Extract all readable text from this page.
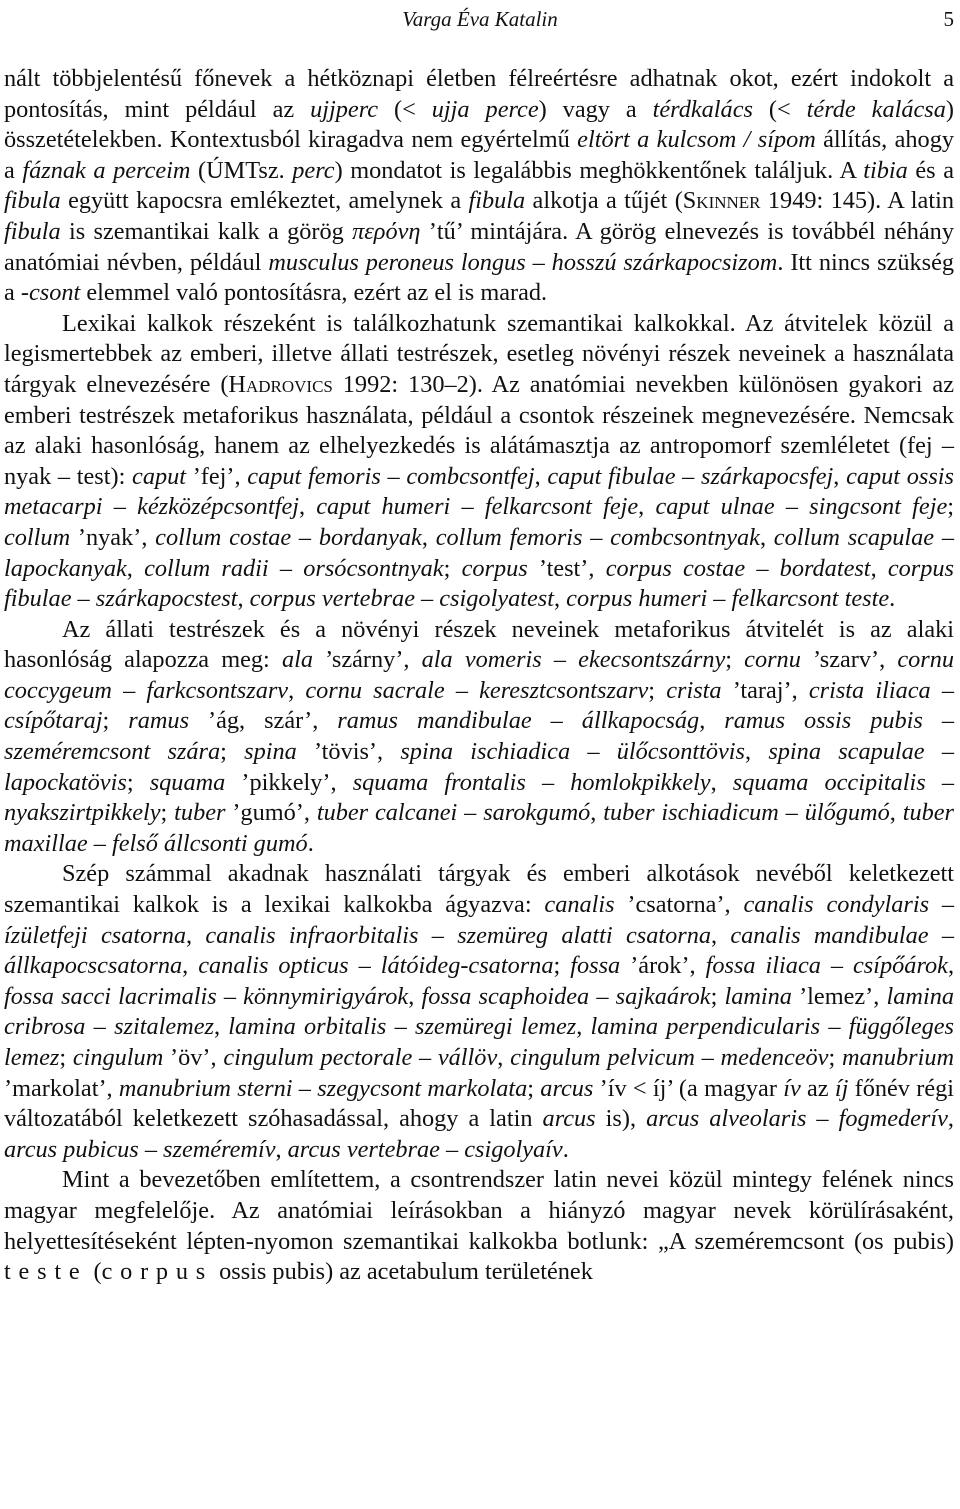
Varga Éva Katalin	5

nált többjelentésű főnevek a hétköznapi életben félreértésre adhatnak okot, ezért indokolt a pontosítás, mint például az ujjperc (< ujja perce) vagy a térdkalács (< térde kalácsa) összetételekben. Kontextusból kiragadva nem egyértelmű eltört a kulcsom / sípom állítás, ahogy a fáznak a perceim (ÚMTsz. perc) mondatot is legalábbis meghökkentőnek találjuk. A tibia és a fibula együtt kapocsra emlékeztet, amelynek a fibula alkotja a tűjét (Skinner 1949: 145). A latin fibula is szemantikai kalk a görög περόνη ’tű’ mintájára. A görög elnevezés is továbbél néhány anatómiai névben, például musculus peroneus longus – hosszú szárkapocsizom. Itt nincs szükség a -csont elemmel való pontosításra, ezért az el is marad.

Lexikai kalkok részeként is találkozhatunk szemantikai kalkokkal. Az átvitelek közül a legismertebbek az emberi, illetve állati testrészek, esetleg növényi részek neveinek a használata tárgyak elnevezésére (Hadrovics 1992: 130–2). Az anatómiai nevekben különösen gyakori az emberi testrészek metaforikus használata, például a csontok részeinek megnevezésére. Nemcsak az alaki hasonlóság, hanem az elhelyezkedés is alátámasztja az antropomorf szemléletet (fej – nyak – test): caput ’fej’, caput femoris – combcsontfej, caput fibulae – szárkapocsfej, caput ossis metacarpi – kézközépcsontfej, caput humeri – felkarcsont feje, caput ulnae – singcsont feje; collum ’nyak’, collum costae – bordanyak, collum femoris – combcsontnyak, collum scapulae – lapockanyak, collum radii – orsócsontnyak; corpus ’test’, corpus costae – bordatest, corpus fibulae – szárkapocstest, corpus vertebrae – csigolyatest, corpus humeri – felkarcsont teste.

Az állati testrészek és a növényi részek neveinek metaforikus átvitelét is az alaki hasonlóság alapozza meg: ala ’szárny’, ala vomeris – ekecsontszárny; cornu ’szarv’, cornu coccygeum – farkcsontszarv, cornu sacrale – keresztcsontszarv; crista ’taraj’, crista iliaca – csípőtaraj; ramus ’ág, szár’, ramus mandibulae – állkapocság, ramus ossis pubis – szeméremcsont szára; spina ’tövis’, spina ischiadica – ülőcsonttövis, spina scapulae – lapockatövis; squama ’pikkely’, squama frontalis – homlokpikkely, squama occipitalis – nyakszirtpikkely; tuber ’gumó’, tuber calcanei – sarokgumó, tuber ischiadicum – ülőgumó, tuber maxillae – felső állcsonti gumó.

Szép számmal akadnak használati tárgyak és emberi alkotások nevéből keletkezett szemantikai kalkok is a lexikai kalkokba ágyazva: canalis ’csatorna’, canalis condylaris – ízületfeji csatorna, canalis infraorbitalis – szemüreg alatti csatorna, canalis mandibulae – állkapocscsatorna, canalis opticus – látóideg-csatorna; fossa ’árok’, fossa iliaca – csípőárok, fossa sacci lacrimalis – könnymirigyárok, fossa scaphoidea – sajkaárok; lamina ’lemez’, lamina cribrosa – szitalemez, lamina orbitalis – szemüregi lemez, lamina perpendicularis – függőleges lemez; cingulum ’öv’, cingulum pectorale – vállöv, cingulum pelvicum – medenceöv; manubrium ’markolat’, manubrium sterni – szegycsont markolata; arcus ’ív < íj’ (a magyar ív az íj főnév régi változatából keletkezett szóhasadással, ahogy a latin arcus is), arcus alveolaris – fogmederív, arcus pubicus – szeméremív, arcus vertebrae – csigolyaív.

Mint a bevezetőben említettem, a csontrendszer latin nevei közül mintegy felének nincs magyar megfelelője. Az anatómiai leírásokban a hiányzó magyar nevek körülírásaként, helyettesítéseként lépten-nyomon szemantikai kalkokba botlunk: „A szeméremcsont (os pubis) teste (corpus ossis pubis) az acetabulum területének
